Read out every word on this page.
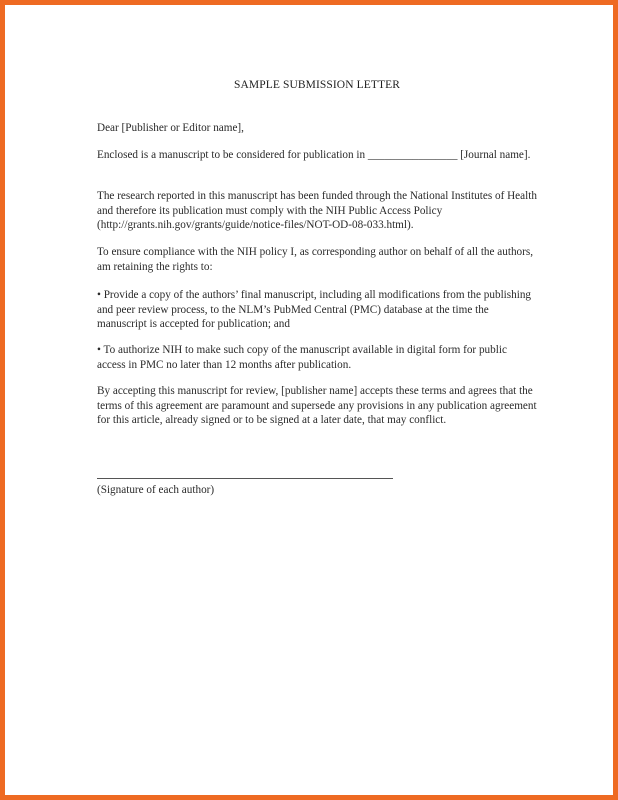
SAMPLE SUBMISSION LETTER

Dear [Publisher or Editor name],

Enclosed is a manuscript to be considered for publication in ________________ [Journal name].

The research reported in this manuscript has been funded through the National Institutes of Health and therefore its publication must comply with the NIH Public Access Policy (http://grants.nih.gov/grants/guide/notice-files/NOT-OD-08-033.html).

To ensure compliance with the NIH policy I, as corresponding author on behalf of all the authors, am retaining the rights to:

• Provide a copy of the authors’ final manuscript, including all modifications from the publishing and peer review process, to the NLM’s PubMed Central (PMC) database at the time the manuscript is accepted for publication; and

• To authorize NIH to make such copy of the manuscript available in digital form for public access in PMC no later than 12 months after publication.

By accepting this manuscript for review, [publisher name] accepts these terms and agrees that the terms of this agreement are paramount and supersede any provisions in any publication agreement for this article, already signed or to be signed at a later date, that may conflict.

(Signature of each author)
